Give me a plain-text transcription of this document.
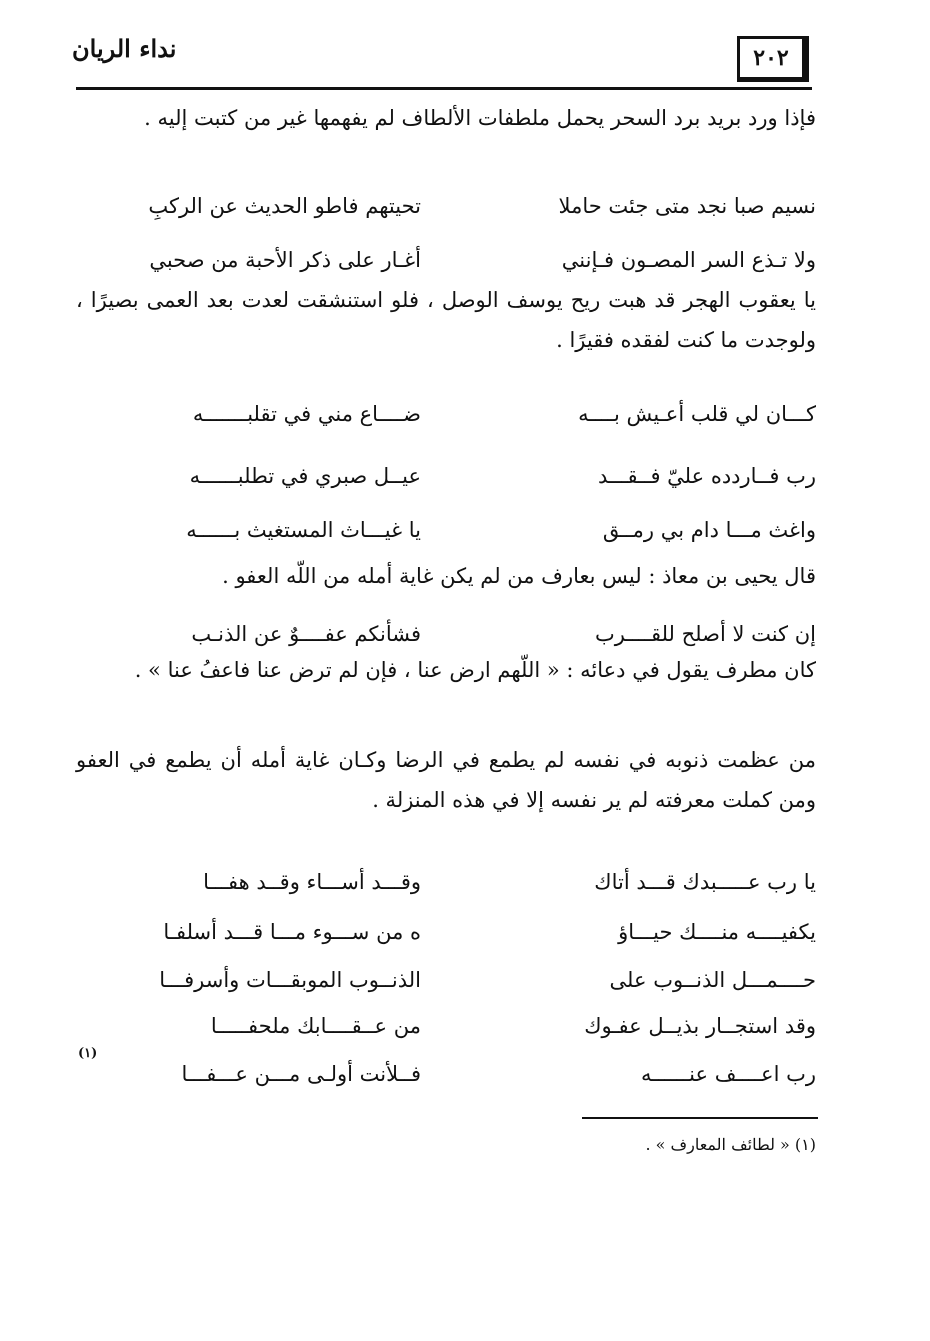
نداء الريان	٢٠٢
فإذا ورد بريد برد السحر يحمل ملطفات الألطاف لم يفهمها غير من كتبت إليه .
نسيم صبا نجد متى جئت حاملا
تحيتهم فاطو الحديث عن الركبِ
ولا تـذع السر المصـون فـإنني
أغـار على ذكر الأحبة من صحبي
يا يعقوب الهجر قد هبت ريح يوسف الوصل ، فلو استنشقت لعدت بعد العمى بصيرًا ، ولوجدت ما كنت لفقده فقيرًا .
كـــان لي قلب أعـيش بــــه
ضــــاع مني في تقلبـــــــه
رب فــاردده عليّ فــقـــد
عيــل صبري في تطلبــــــه
واغث مـــا دام بي رمــق
يا غيـــاث المستغيث بــــــه
قال يحيى بن معاذ : ليس بعارف من لم يكن غاية أمله من اللّه العفو .
إن كنت لا أصلح للقــــرب
فشأنكم عفــــوٌ عن الذنـب
كان مطرف يقول في دعائه : « اللّهم ارض عنا ، فإن لم ترض عنا فاعفُ عنا » .
من عظمت ذنوبه في نفسه لم يطمع في الرضا وكـان غاية أمله أن يطمع في العفو ومن كملت معرفته لم ير نفسه إلا في هذه المنزلة .
يا رب عـــــبدك قـــد أتاك
وقـــد أســـاء وقــد هفـــا
يكفيــــه منــــك حيـــاؤ
ه من ســـوء مـــا قـــد أسلفـا
حــــمـــل الذنــوب على
الذنــوب الموبقـــات وأسرفـــا
وقد استجــار بذيــل عفـوك
من عــقــــابك ملحفـــــا
رب اعــــف عنــــــه
فــلأنت أولـى مـــن عـــفـــا
(١)
(١) « لطائف المعارف » .
